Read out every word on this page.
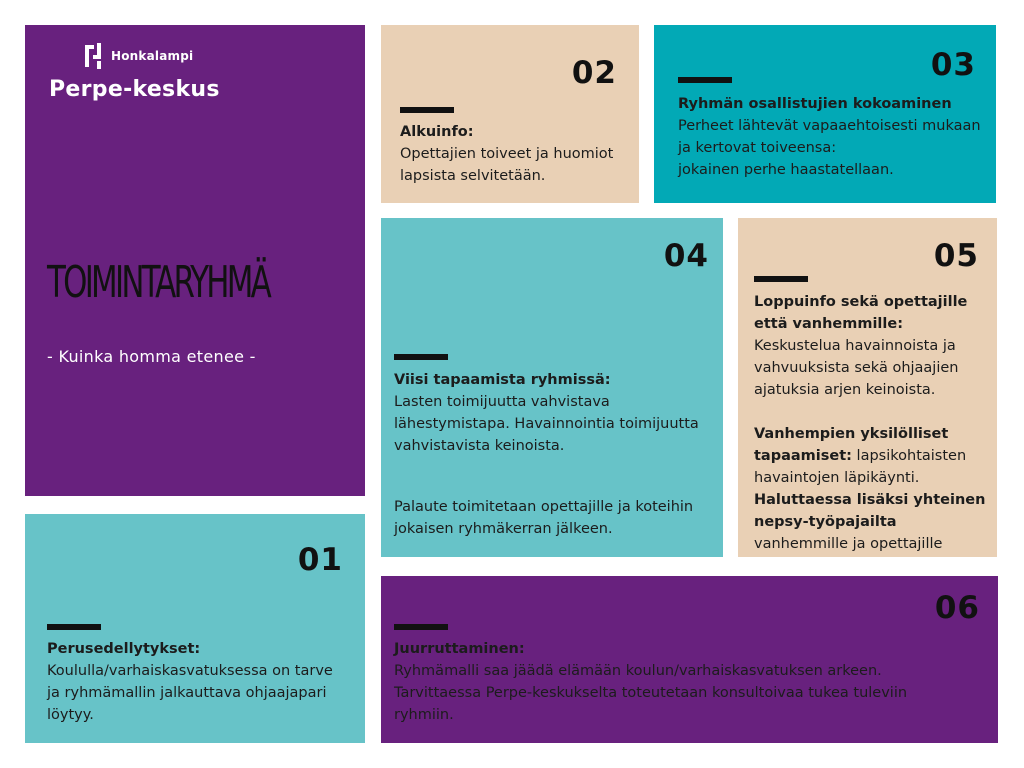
Honkalampi
Perpe-keskus
TOIMINTARYHMÄ
- Kuinka homma etenee -
01
Perusedellytykset:
Koululla/varhaiskasvatuksessa on tarve ja ryhmämallin jalkauttava ohjaajapari löytyy.
02
Alkuinfo:
Opettajien toiveet ja huomiot lapsista selvitetään.
03
Ryhmän osallistujien kokoaminen
Perheet lähtevät vapaaehtoisesti mukaan ja kertovat toiveensa:
jokainen perhe haastatellaan.
04
Viisi tapaamista ryhmissä:
Lasten toimijuutta vahvistava lähestymistapa. Havainnointia toimijuutta vahvistavista keinoista.
Palaute toimitetaan opettajille ja koteihin jokaisen ryhmäkerran jälkeen.
05
Loppuinfo sekä opettajille että vanhemmille:
Keskustelua havainnoista ja vahvuuksista sekä ohjaajien ajatuksia arjen keinoista.
Vanhempien yksilölliset tapaamiset: lapsikohtaisten havaintojen läpikäynti.
Haluttaessa lisäksi yhteinen nepsy-työpajailta
vanhemmille ja opettajille
06
Juurruttaminen:
Ryhmämalli saa jäädä elämään koulun/varhaiskasvatuksen arkeen. Tarvittaessa Perpe-keskukselta toteutetaan konsultoivaa tukea tuleviin ryhmiin.
